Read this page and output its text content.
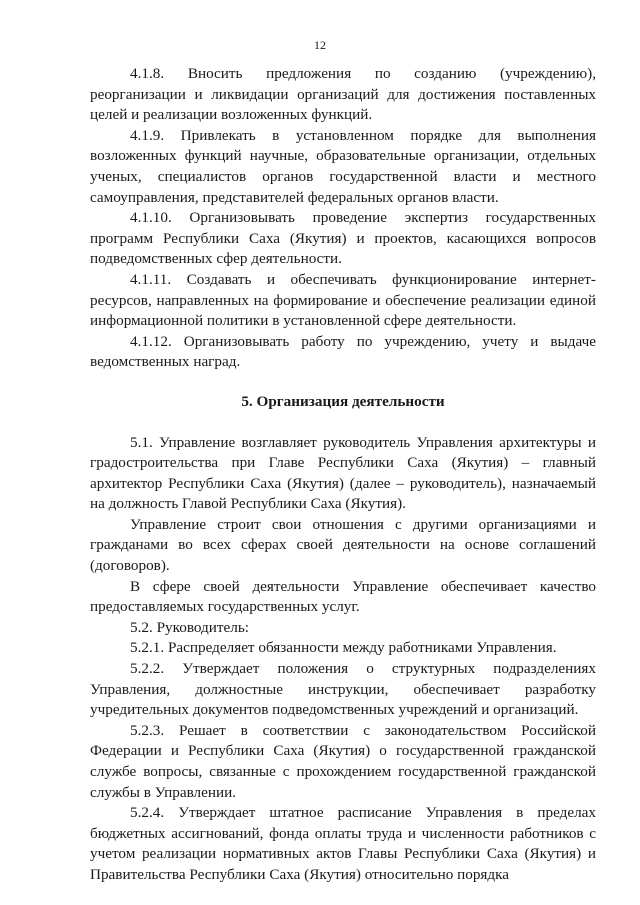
12

4.1.8. Вносить предложения по созданию (учреждению), реорганизации и ликвидации организаций для достижения поставленных целей и реализации возложенных функций.

4.1.9. Привлекать в установленном порядке для выполнения возложенных функций научные, образовательные организации, отдельных ученых, специалистов органов государственной власти и местного самоуправления, представителей федеральных органов власти.

4.1.10. Организовывать проведение экспертиз государственных программ Республики Саха (Якутия) и проектов, касающихся вопросов подведомственных сфер деятельности.

4.1.11. Создавать и обеспечивать функционирование интернет-ресурсов, направленных на формирование и обеспечение реализации единой информационной политики в установленной сфере деятельности.

4.1.12. Организовывать работу по учреждению, учету и выдаче ведомственных наград.

5. Организация деятельности

5.1. Управление возглавляет руководитель Управления архитектуры и градостроительства при Главе Республики Саха (Якутия) – главный архитектор Республики Саха (Якутия) (далее – руководитель), назначаемый на должность Главой Республики Саха (Якутия).

Управление строит свои отношения с другими организациями и гражданами во всех сферах своей деятельности на основе соглашений (договоров).

В сфере своей деятельности Управление обеспечивает качество предоставляемых государственных услуг.

5.2. Руководитель:

5.2.1. Распределяет обязанности между работниками Управления.

5.2.2. Утверждает положения о структурных подразделениях Управления, должностные инструкции, обеспечивает разработку учредительных документов подведомственных учреждений и организаций.

5.2.3. Решает в соответствии с законодательством Российской Федерации и Республики Саха (Якутия) о государственной гражданской службе вопросы, связанные с прохождением государственной гражданской службы в Управлении.

5.2.4. Утверждает штатное расписание Управления в пределах бюджетных ассигнований, фонда оплаты труда и численности работников с учетом реализации нормативных актов Главы Республики Саха (Якутия) и Правительства Республики Саха (Якутия) относительно порядка
